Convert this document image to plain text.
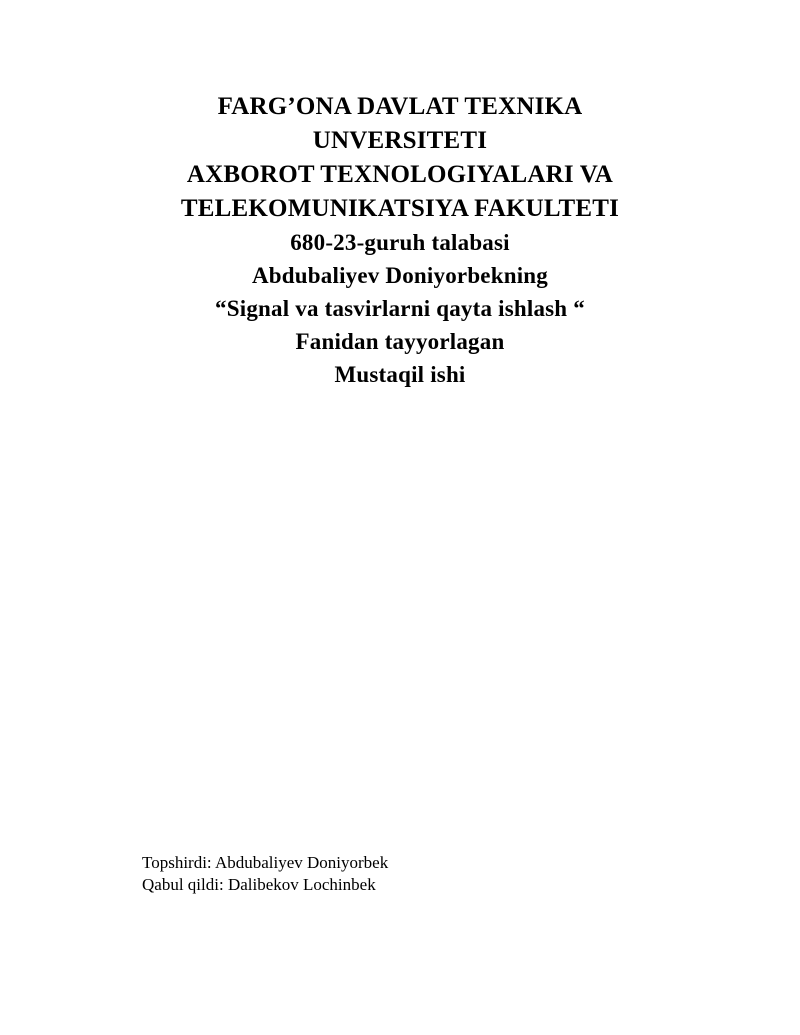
FARG’ONA DAVLAT TEXNIKA
UNVERSITETI
AXBOROT TEXNOLOGIYALARI VA
TELEKOMUNIKATSIYA FAKULTETI
680-23-guruh talabasi
Abdubaliyev Doniyorbekning
“Signal va tasvirlarni qayta ishlash “
Fanidan tayyorlagan
Mustaqil ishi
Topshirdi: Abdubaliyev Doniyorbek
Qabul qildi: Dalibekov Lochinbek
